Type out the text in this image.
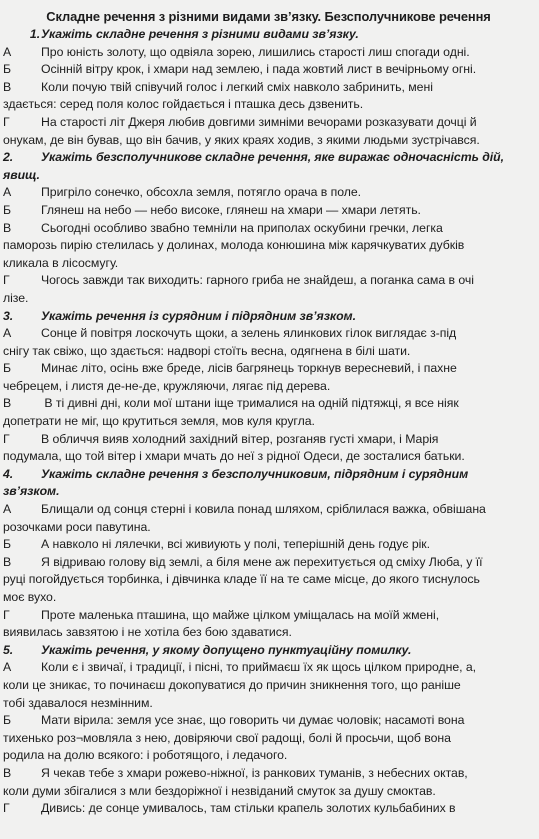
Складне речення з різними видами зв’язку. Безсполучникове речення
1.Укажіть складне речення з різними видами зв’язку.
А Про юність золоту, що одвіяла зорею, лишились старості лиш спогади одні.
Б Осінній вітру крок, і хмари над землею, і пада жовтий лист в вечірньому огні.
В Коли почую твій співучий голос і легкий сміх навколо забринить, мені
здається: серед поля колос гойдається і пташка десь дзвенить.
Г	На старості літ Джеря любив довгими зимніми вечорами розказувати дочці й
онукам, де він бував, що він бачив, у яких краях ходив, з якими людьми зустрічався.
2. Укажіть безсполучникове складне речення, яке виражає одночасність дій,
явищ.
А Пригріло сонечко, обсохла земля, потягло орача в поле.
Б Глянеш на небо — небо високе, глянеш на хмари — хмари летять.
В Сьогодні особливо звабно темніли на приполах оскубини гречки, легка
паморозь пирію стелилась у долинах, молода конюшина між карячкуватих дубків
кликала в лісосмугу.
Г	Чогось завжди так виходить: гарного гриба не знайдеш, а поганка сама в очі
лізе.
3. Укажіть речення із сурядним і підрядним зв’язком.
А Сонце й повітря лоскочуть щоки, а зелень ялинкових гілок виглядає з-під
снігу так свіжо, що здається: надворі стоїть весна, одягнена в білі шати.
Б Минає літо, осінь вже бреде, лісів багрянець торкнув вересневий, і пахне
чебрецем, і листя де-не-де, кружляючи, лягає під дерева.
В В ті дивні дні, коли мої штани іще трималися на одній підтяжці, я все ніяк
допетрати не міг, що крутиться земля, мов куля кругла.
Г	В обличчя вияв холодний західний вітер, розганяв густі хмари, і Марія
подумала, що той вітер і хмари мчать до неї з рідної Одеси, де зосталися батьки.
4. Укажіть складне речення з безсполучниковим, підрядним і сурядним
зв’язком.
А Блищали од сонця стерні і ковила понад шляхом, сріблилася важка, обвішана
розочками роси павутина.
Б А навколо ні лялечки, всі живиують у полі, теперішній день годує рік.
В Я відриваю голову від землі, а біля мене аж перехитується од сміху Люба, у її
руці погойдується торбинка, і дівчинка кладе її на те саме місце, до якого тиснулось
моє вухо.
Г	Проте маленька пташина, що майже цілком уміщалась на моїй жмені,
виявилась завзятою і не хотіла без бою здаватися.
5. Укажіть речення, у якому допущено пунктуаційну помилку.
А Коли є і звичаї, і традиції, і пісні, то приймаєш їх як щось цілком природне, а,
коли це зникає, то починаєш докопуватися до причин зникнення того, що раніше
тобі здавалося незмінним.
Б Мати вірила: земля усе знає, що говорить чи думає чоловік; насамоті вона
тихенько роз¬мовляла з нею, довіряючи свої радощі, болі й просьчи, щоб вона
родила на долю всякого: і роботящого, і ледачого.
В Я чекав тебе з хмари рожево-ніжної, із ранкових туманів, з небесних октав,
коли думи збігалися з мли бездоріжної і незвіданий смуток за душу смоктав.
Г	Дивись: де сонце умивалось, там стільки крапель золотих кульбабиних в
